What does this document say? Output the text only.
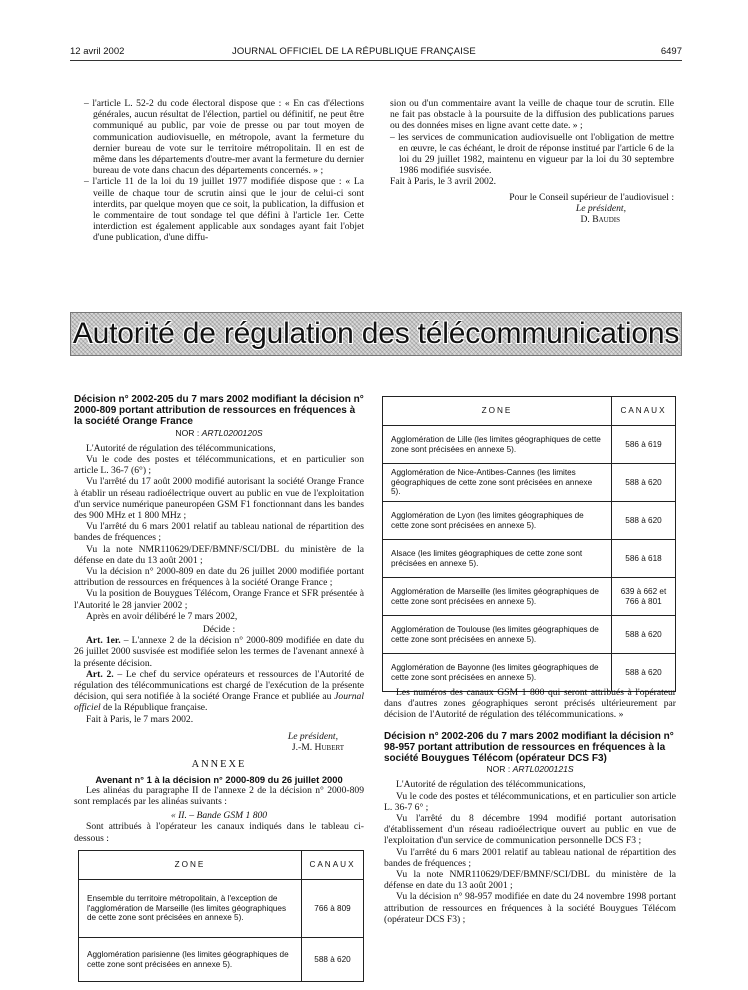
12 avril 2002	JOURNAL OFFICIEL DE LA RÉPUBLIQUE FRANÇAISE	6497

– l'article L. 52-2 du code électoral dispose que : « En cas d'élections générales, aucun résultat de l'élection, partiel ou définitif, ne peut être communiqué au public, par voie de presse ou par tout moyen de communication audiovisuelle, en métropole, avant la fermeture du dernier bureau de vote sur le territoire métropolitain. Il en est de même dans les départements d'outre-mer avant la fermeture du dernier bureau de vote dans chacun des départements concernés. » ;

– l'article 11 de la loi du 19 juillet 1977 modifiée dispose que : « La veille de chaque tour de scrutin ainsi que le jour de celui-ci sont interdits, par quelque moyen que ce soit, la publication, la diffusion et le commentaire de tout sondage tel que défini à l'article 1er. Cette interdiction est également applicable aux sondages ayant fait l'objet d'une publication, d'une diffu-

sion ou d'un commentaire avant la veille de chaque tour de scrutin. Elle ne fait pas obstacle à la poursuite de la diffusion des publications parues ou des données mises en ligne avant cette date. » ;

– les services de communication audiovisuelle ont l'obligation de mettre en œuvre, le cas échéant, le droit de réponse institué par l'article 6 de la loi du 29 juillet 1982, maintenu en vigueur par la loi du 30 septembre 1986 modifiée susvisée.

Fait à Paris, le 3 avril 2002.

Pour le Conseil supérieur de l'audiovisuel :

Le président,

D. Baudis

Autorité de régulation des télécommunications

Décision n° 2002-205 du 7 mars 2002 modifiant la décision n° 2000-809 portant attribution de ressources en fréquences à la société Orange France

NOR : ARTL0200120S

L'Autorité de régulation des télécommunications,

Vu le code des postes et télécommunications, et en particulier son article L. 36-7 (6°) ;

Vu l'arrêté du 17 août 2000 modifié autorisant la société Orange France à établir un réseau radioélectrique ouvert au public en vue de l'exploitation d'un service numérique paneuropéen GSM F1 fonctionnant dans les bandes des 900 MHz et 1 800 MHz ;

Vu l'arrêté du 6 mars 2001 relatif au tableau national de répartition des bandes de fréquences ;

Vu la note NMR110629/DEF/BMNF/SCI/DBL du ministère de la défense en date du 13 août 2001 ;

Vu la décision n° 2000-809 en date du 26 juillet 2000 modifiée portant attribution de ressources en fréquences à la société Orange France ;

Vu la position de Bouygues Télécom, Orange France et SFR présentée à l'Autorité le 28 janvier 2002 ;

Après en avoir délibéré le 7 mars 2002,

Décide :

Art. 1er. – L'annexe 2 de la décision n° 2000-809 modifiée en date du 26 juillet 2000 susvisée est modifiée selon les termes de l'avenant annexé à la présente décision.

Art. 2. – Le chef du service opérateurs et ressources de l'Autorité de régulation des télécommunications est chargé de l'exécution de la présente décision, qui sera notifiée à la société Orange France et publiée au Journal officiel de la République française.

Fait à Paris, le 7 mars 2002.

Le président,

J.-M. Hubert

ANNEXE

Avenant n° 1 à la décision n° 2000-809 du 26 juillet 2000

Les alinéas du paragraphe II de l'annexe 2 de la décision n° 2000-809 sont remplacés par les alinéas suivants :

« II. – Bande GSM 1 800

Sont attribués à l'opérateur les canaux indiqués dans le tableau ci-dessous :

ZONE	CANAUX
Ensemble du territoire métropolitain, à l'exception de l'agglomération de Marseille (les limites géographiques de cette zone sont précisées en annexe 5).	766 à 809
Agglomération parisienne (les limites géographiques de cette zone sont précisées en annexe 5).	588 à 620
ZONE	CANAUX
Agglomération de Lille (les limites géographiques de cette zone sont précisées en annexe 5).	586 à 619
Agglomération de Nice-Antibes-Cannes (les limites géographiques de cette zone sont précisées en annexe 5).	588 à 620
Agglomération de Lyon (les limites géographiques de cette zone sont précisées en annexe 5).	588 à 620
Alsace (les limites géographiques de cette zone sont précisées en annexe 5).	586 à 618
Agglomération de Marseille (les limites géographiques de cette zone sont précisées en annexe 5).	639 à 662 et 766 à 801
Agglomération de Toulouse (les limites géographiques de cette zone sont précisées en annexe 5).	588 à 620
Agglomération de Bayonne (les limites géographiques de cette zone sont précisées en annexe 5).	588 à 620

Les numéros des canaux GSM 1 800 qui seront attribués à l'opérateur dans d'autres zones géographiques seront précisés ultérieurement par décision de l'Autorité de régulation des télécommunications. »

Décision n° 2002-206 du 7 mars 2002 modifiant la décision n° 98-957 portant attribution de ressources en fréquences à la société Bouygues Télécom (opérateur DCS F3)

NOR : ARTL0200121S

L'Autorité de régulation des télécommunications,

Vu le code des postes et télécommunications, et en particulier son article L. 36-7 6° ;

Vu l'arrêté du 8 décembre 1994 modifié portant autorisation d'établissement d'un réseau radioélectrique ouvert au public en vue de l'exploitation d'un service de communication personnelle DCS F3 ;

Vu l'arrêté du 6 mars 2001 relatif au tableau national de répartition des bandes de fréquences ;

Vu la note NMR110629/DEF/BMNF/SCI/DBL du ministère de la défense en date du 13 août 2001 ;

Vu la décision n° 98-957 modifiée en date du 24 novembre 1998 portant attribution de ressources en fréquences à la société Bouygues Télécom (opérateur DCS F3) ;
